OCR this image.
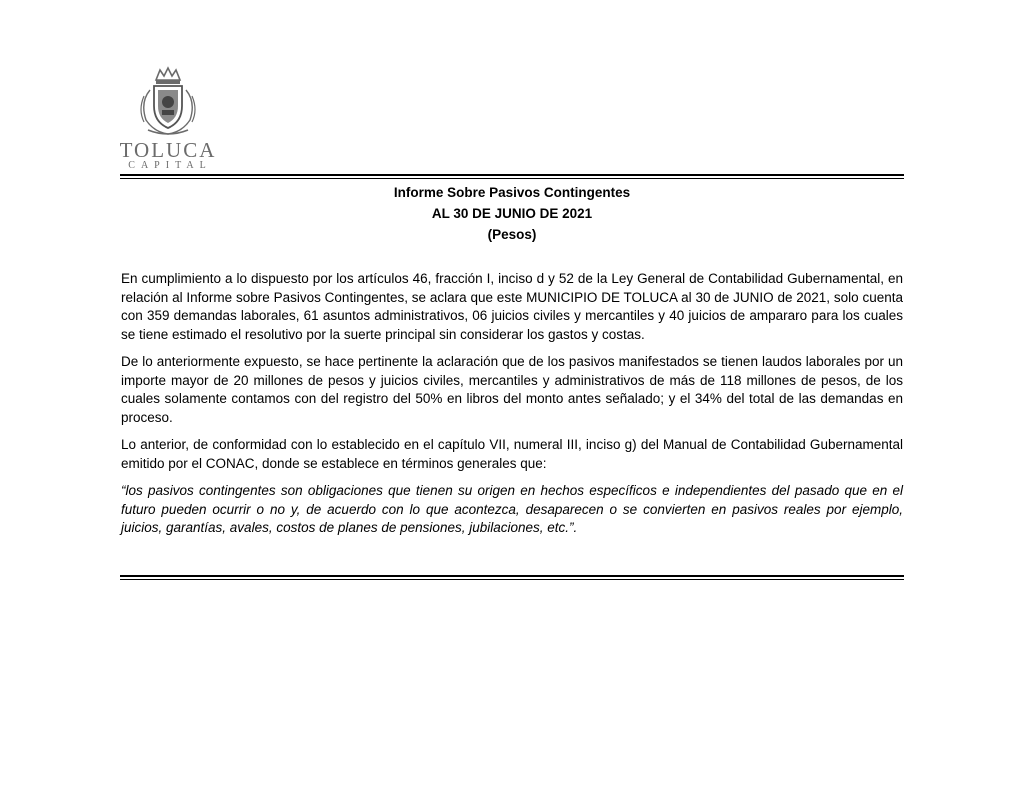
TOLUCA
CAPITAL
Informe Sobre Pasivos Contingentes
AL 30 DE JUNIO DE 2021
(Pesos)

En cumplimiento a lo dispuesto por los artículos 46, fracción I, inciso d y 52 de la Ley General de Contabilidad Gubernamental, en relación al Informe sobre Pasivos Contingentes, se aclara que este MUNICIPIO DE TOLUCA al 30 de JUNIO de 2021, solo cuenta con 359 demandas laborales, 61 asuntos administrativos, 06 juicios civiles y mercantiles y 40 juicios de ampararo para los cuales se tiene estimado el resolutivo por la suerte principal sin considerar los gastos y costas.

De lo anteriormente expuesto, se hace pertinente la aclaración que de los pasivos manifestados se tienen laudos laborales por un importe mayor de 20 millones de pesos y juicios civiles, mercantiles y administrativos de más de 118 millones de pesos, de los cuales solamente contamos con del registro del 50% en libros del monto antes señalado; y el 34% del total de las demandas en proceso.

Lo anterior, de conformidad con lo establecido en el capítulo VII, numeral III, inciso g) del Manual de Contabilidad Gubernamental emitido por el CONAC, donde se establece en términos generales que:

“los pasivos contingentes son obligaciones que tienen su origen en hechos específicos e independientes del pasado que en el futuro pueden ocurrir o no y, de acuerdo con lo que acontezca, desaparecen o se convierten en pasivos reales por ejemplo, juicios, garantías, avales, costos de planes de pensiones, jubilaciones, etc.”.
